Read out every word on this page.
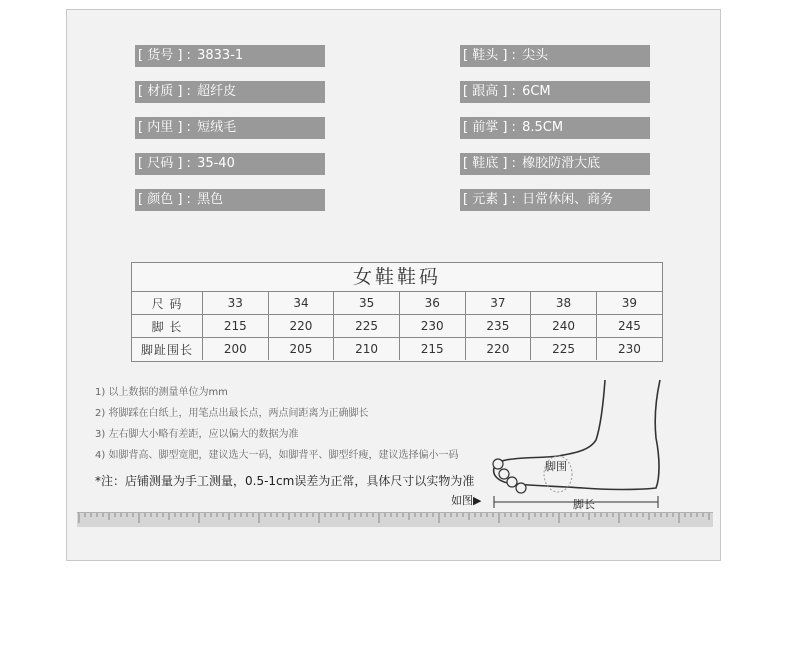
[ 货号 ] : 3833-1
[ 材质 ] : 超纤皮
[ 内里 ] : 短绒毛
[ 尺码 ] : 35-40
[ 颜色 ] : 黑色
[ 鞋头 ] : 尖头
[ 跟高 ] : 6CM
[ 前掌 ] : 8.5CM
[ 鞋底 ] : 橡胶防滑大底
[ 元素 ] : 日常休闲、商务
女鞋鞋码
尺 码	33	34	35	36	37	38	39
脚 长	215	220	225	230	235	240	245
脚趾围长	200	205	210	215	220	225	230
1) 以上数据的测量单位为mm
2) 将脚踩在白纸上，用笔点出最长点，两点间距离为正确脚长
3) 左右脚大小略有差距，应以偏大的数据为准
4) 如脚背高、脚型宽肥，建议选大一码，如脚背平、脚型纤瘦，建议选择偏小一码
*注：店铺测量为手工测量，0.5-1cm误差为正常，具体尺寸以实物为准
脚围
脚长
如图▶
